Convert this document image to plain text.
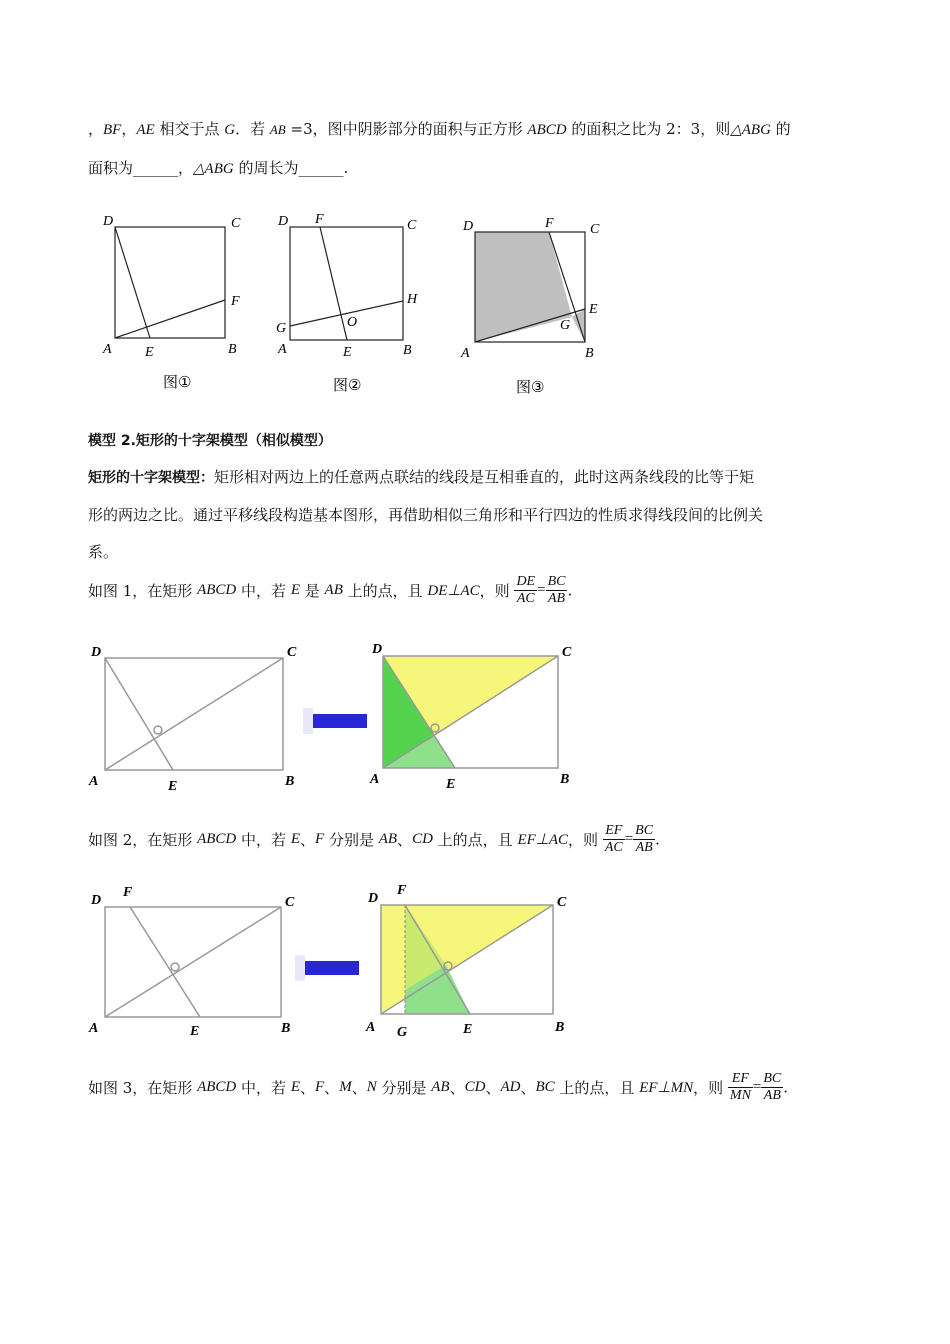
，BF，AE 相交于点 G．若 AB =3，图中阴影部分的面积与正方形 ABCD 的面积之比为 2：3，则△ABG 的
面积为______，△ABG 的周长为______.
D	C
A	B
E
F
图①
D F	C
H
G	O
A	E	B
图②
D	F	C
E
G
A	B
图③
模型 2.矩形的十字架模型（相似模型）
矩形的十字架模型：矩形相对两边上的任意两点联结的线段是互相垂直的，此时这两条线段的比等于矩
形的两边之比。通过平移线段构造基本图形，再借助相似三角形和平行四边的性质求得线段间的比例关
系。
如图 1，在矩形 ABCD 中，若 E 是 AB 上的点，且 DE⊥AC，则 $\frac{DE}{AC} = \frac{BC}{AB}$ .
D	C
A	B
E
D	C
A	B
E
如图 2，在矩形 ABCD 中，若 E、F 分别是 AB、CD 上的点，且 EF⊥AC，则 $\frac{EF}{AC} = \frac{BC}{AB}$ .
D
F
C
A	B
E
D
F
C
A G	E	B
如图 3，在矩形 ABCD 中，若 E、F、M、N 分别是 AB、CD、AD、BC 上的点，且 EF⊥MN，则 $\frac{EF}{MN} = \frac{BC}{AB}$ .
